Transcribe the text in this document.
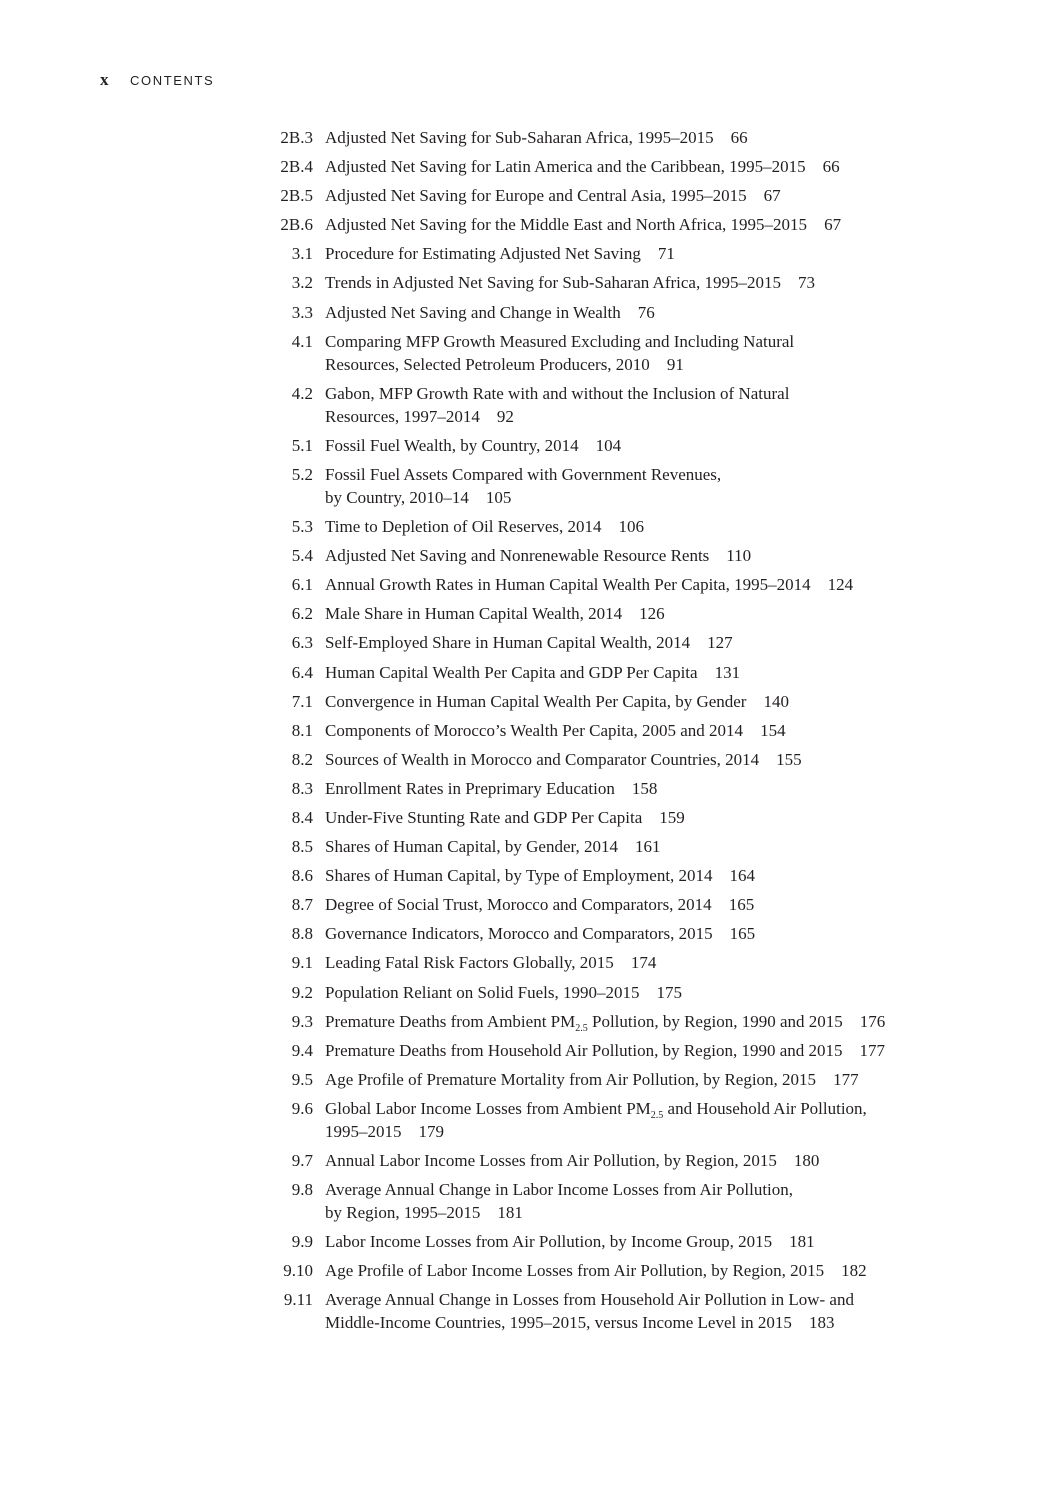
x	CONTENTS
2B.3 Adjusted Net Saving for Sub-Saharan Africa, 1995–2015 66
2B.4 Adjusted Net Saving for Latin America and the Caribbean, 1995–2015 66
2B.5 Adjusted Net Saving for Europe and Central Asia, 1995–2015 67
2B.6 Adjusted Net Saving for the Middle East and North Africa, 1995–2015 67
3.1 Procedure for Estimating Adjusted Net Saving 71
3.2 Trends in Adjusted Net Saving for Sub-Saharan Africa, 1995–2015 73
3.3 Adjusted Net Saving and Change in Wealth 76
4.1 Comparing MFP Growth Measured Excluding and Including Natural
Resources, Selected Petroleum Producers, 2010 91
4.2 Gabon, MFP Growth Rate with and without the Inclusion of Natural
Resources, 1997–2014 92
5.1 Fossil Fuel Wealth, by Country, 2014 104
5.2 Fossil Fuel Assets Compared with Government Revenues,
by Country, 2010–14 105
5.3 Time to Depletion of Oil Reserves, 2014 106
5.4 Adjusted Net Saving and Nonrenewable Resource Rents 110
6.1 Annual Growth Rates in Human Capital Wealth Per Capita, 1995–2014 124
6.2 Male Share in Human Capital Wealth, 2014 126
6.3 Self-Employed Share in Human Capital Wealth, 2014 127
6.4 Human Capital Wealth Per Capita and GDP Per Capita 131
7.1 Convergence in Human Capital Wealth Per Capita, by Gender 140
8.1 Components of Morocco’s Wealth Per Capita, 2005 and 2014 154
8.2 Sources of Wealth in Morocco and Comparator Countries, 2014 155
8.3 Enrollment Rates in Preprimary Education 158
8.4 Under-Five Stunting Rate and GDP Per Capita 159
8.5 Shares of Human Capital, by Gender, 2014 161
8.6 Shares of Human Capital, by Type of Employment, 2014 164
8.7 Degree of Social Trust, Morocco and Comparators, 2014 165
8.8 Governance Indicators, Morocco and Comparators, 2015 165
9.1 Leading Fatal Risk Factors Globally, 2015 174
9.2 Population Reliant on Solid Fuels, 1990–2015 175
9.3 Premature Deaths from Ambient $PM_{2.5}$ Pollution, by Region, 1990 and 2015 176
9.4 Premature Deaths from Household Air Pollution, by Region, 1990 and 2015 177
9.5 Age Profile of Premature Mortality from Air Pollution, by Region, 2015 177
9.6 Global Labor Income Losses from Ambient $PM_{2.5}$ and Household Air Pollution,
1995–2015 179
9.7 Annual Labor Income Losses from Air Pollution, by Region, 2015 180
9.8 Average Annual Change in Labor Income Losses from Air Pollution,
by Region, 1995–2015 181
9.9 Labor Income Losses from Air Pollution, by Income Group, 2015 181
9.10 Age Profile of Labor Income Losses from Air Pollution, by Region, 2015 182
9.11 Average Annual Change in Losses from Household Air Pollution in Low- and
Middle-Income Countries, 1995–2015, versus Income Level in 2015 183
